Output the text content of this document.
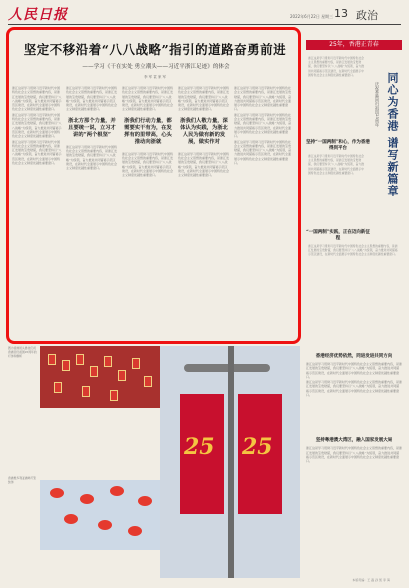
人民日报	2022年6月22日 星期三 13 政治
坚定不移沿着“八八战略”指引的道路奋勇前进
——学习《干在实处 勇立潮头——习近平浙江足迹》的体会
李 军 袁 家 军
浙江这是学习贯彻习近平新时代中国特色社会主义思想的重要内容，是浙江发展的宝贵财富，我们要坚持以“八八战略”为统领，奋力推进共同富裕示范区建设，在新时代全面展示中国特色社会主义制度优越性重要窗口。
浙江这是学习贯彻习近平新时代中国特色社会主义思想的重要内容，是浙江发展的宝贵财富，我们要坚持以“八八战略”为统领，奋力推进共同富裕示范区建设，在新时代全面展示中国特色社会主义制度优越性重要窗口。
浙江这是学习贯彻习近平新时代中国特色社会主义思想的重要内容，是浙江发展的宝贵财富，我们要坚持以“八八战略”为统领，奋力推进共同富裕示范区建设，在新时代全面展示中国特色社会主义制度优越性重要窗口。
浙江这是学习贯彻习近平新时代中国特色社会主义思想的重要内容，是浙江发展的宝贵财富，我们要坚持以“八八战略”为统领，奋力推进共同富裕示范区建设，在新时代全面展示中国特色社会主义制度优越性重要窗口。
浙北方那个力量，并且要统一说，立习才讲的“两个根坚”
浙江这是学习贯彻习近平新时代中国特色社会主义思想的重要内容，是浙江发展的宝贵财富，我们要坚持以“八八战略”为统领，奋力推进共同富裕示范区建设，在新时代全面展示中国特色社会主义制度优越性重要窗口。
浙江这是学习贯彻习近平新时代中国特色社会主义思想的重要内容，是浙江发展的宝贵财富，我们要坚持以“八八战略”为统领，奋力推进共同富裕示范区建设，在新时代全面展示中国特色社会主义制度优越性重要窗口。
浙我们行动力量，都需要实干有为，在发挥有的里带高，心头推动向浙就
浙江这是学习贯彻习近平新时代中国特色社会主义思想的重要内容，是浙江发展的宝贵财富，我们要坚持以“八八战略”为统领，奋力推进共同富裕示范区建设，在新时代全面展示中国特色社会主义制度优越性重要窗口。
浙江这是学习贯彻习近平新时代中国特色社会主义思想的重要内容，是浙江发展的宝贵财富，我们要坚持以“八八战略”为统领，奋力推进共同富裕示范区建设，在新时代全面展示中国特色社会主义制度优越性重要窗口。
浙我们人敬力量，深体认为实践，为浙北人民为做有新的发展，做实作对
浙江这是学习贯彻习近平新时代中国特色社会主义思想的重要内容，是浙江发展的宝贵财富，我们要坚持以“八八战略”为统领，奋力推进共同富裕示范区建设，在新时代全面展示中国特色社会主义制度优越性重要窗口。
浙江这是学习贯彻习近平新时代中国特色社会主义思想的重要内容，是浙江发展的宝贵财富，我们要坚持以“八八战略”为统领，奋力推进共同富裕示范区建设，在新时代全面展示中国特色社会主义制度优越性重要窗口。
浙江这是学习贯彻习近平新时代中国特色社会主义思想的重要内容，是浙江发展的宝贵财富，我们要坚持以“八八战略”为统领，奋力推进共同富裕示范区建设，在新时代全面展示中国特色社会主义制度优越性重要窗口。
浙江这是学习贯彻习近平新时代中国特色社会主义思想的重要内容，是浙江发展的宝贵财富，我们要坚持以“八八战略”为统领，奋力推进共同富裕示范区建设，在新时代全面展示中国特色社会主义制度优越性重要窗口。
25年，香港正青春
同心为香港 谱写新篇章
庆祝香港回归祖国25周年
浙江这是学习贯彻习近平新时代中国特色社会主义思想的重要内容，是浙江发展的宝贵财富，我们要坚持以“八八战略”为统领，奋力推进共同富裕示范区建设，在新时代全面展示中国特色社会主义制度优越性重要窗口。
坚持“一国两制”和心，作为香港得到平台
浙江这是学习贯彻习近平新时代中国特色社会主义思想的重要内容，是浙江发展的宝贵财富，我们要坚持以“八八战略”为统领，奋力推进共同富裕示范区建设，在新时代全面展示中国特色社会主义制度优越性重要窗口。
“一国两制”实践，正在迈向新征程
浙江这是学习贯彻习近平新时代中国特色社会主义思想的重要内容，是浙江发展的宝贵财富，我们要坚持以“八八战略”为统领，奋力推进共同富裕示范区建设，在新时代全面展示中国特色社会主义制度优越性重要窗口。
香港经济优势依然，同进发进共同方向
浙江这是学习贯彻习近平新时代中国特色社会主义思想的重要内容，是浙江发展的宝贵财富，我们要坚持以“八八战略”为统领，奋力推进共同富裕示范区建设，在新时代全面展示中国特色社会主义制度优越性重要窗口。
浙江这是学习贯彻习近平新时代中国特色社会主义思想的重要内容，是浙江发展的宝贵财富，我们要坚持以“八八战略”为统领，奋力推进共同富裕示范区建设，在新时代全面展示中国特色社会主义制度优越性重要窗口。
坚持粤港澳大湾区，融入国家发展大局
浙江这是学习贯彻习近平新时代中国特色社会主义思想的重要内容，是浙江发展的宝贵财富，我们要坚持以“八八战略”为统领，奋力推进共同富裕示范区建设，在新时代全面展示中国特色社会主义制度优越性重要窗口。
图为香港街头悬挂庆祝香港回归祖国25周年的灯饰和旗帜
香港维多利亚港畔灯笼装饰
25 25
本版责编：王 磊 孙 凯 李 海
